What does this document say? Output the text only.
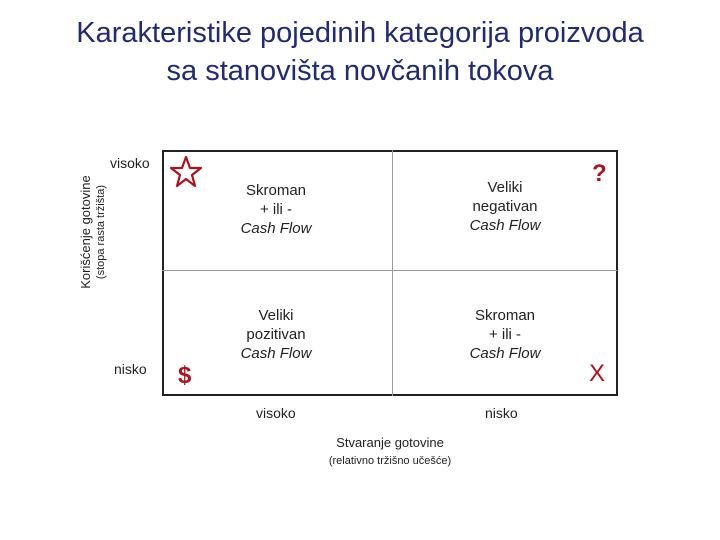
Karakteristike pojedinih kategorija proizvoda
sa stanovišta novčanih tokova
Korišćenje gotovine (stopa rasta tržišta)
visoko
nisko
?
$	X
Skroman
+ ili -
Cash Flow
Veliki
negativan
Cash Flow
Veliki
pozitivan
Cash Flow
Skroman
+ ili -
Cash Flow
visoko	nisko
Stvaranje gotovine
(relativno tržišno učešće)
